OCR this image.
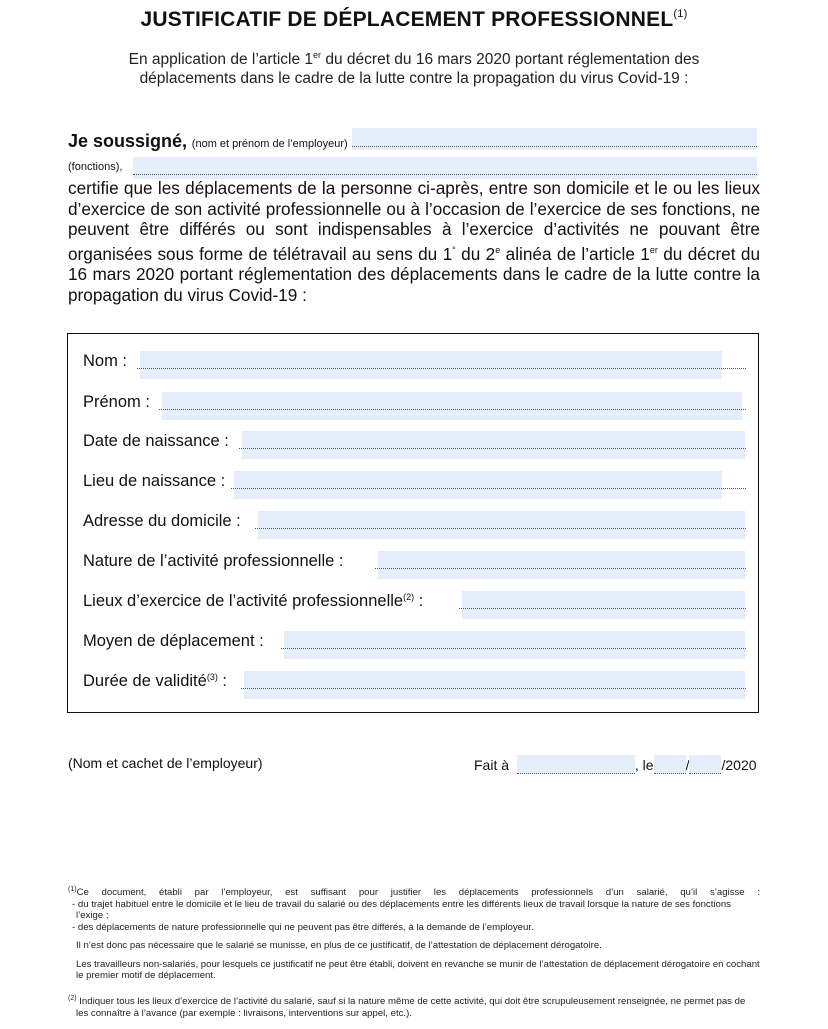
JUSTIFICATIF DE DÉPLACEMENT PROFESSIONNEL$^{(1)}$
En application de l’article 1er du décret du 16 mars 2020 portant réglementation des déplacements dans le cadre de la lutte contre la propagation du virus Covid-19 :
Je soussigné, (nom et prénom de l’employeur)
(fonctions),
certifie que les déplacements de la personne ci-après, entre son domicile et le ou les lieux d’exercice de son activité professionnelle ou à l’occasion de l’exercice de ses fonctions, ne peuvent être différés ou sont indispensables à l’exercice d’activités ne pouvant être organisées sous forme de télétravail au sens du 1° du 2e alinéa de l’article 1er du décret du 16 mars 2020 portant réglementation des déplacements dans le cadre de la lutte contre la propagation du virus Covid-19 :
Nom :
Prénom :
Date de naissance :
Lieu de naissance :
Adresse du domicile :
Nature de l’activité professionnelle :
Lieux d’exercice de l’activité professionnelle$^{(2)}$ :
Moyen de déplacement :
Durée de validité$^{(3)}$ :
(Nom et cachet de l’employeur)	Fait à	, le / /2020
$^{(1)}$Ce document, établi par l’employeur, est suffisant pour justifier les déplacements professionnels d’un salarié, qu’il s’agisse :
- du trajet habituel entre le domicile et le lieu de travail du salarié ou des déplacements entre les différents lieux de travail lorsque la nature de ses fonctions l’exige ;
- des déplacements de nature professionnelle qui ne peuvent pas être différés, à la demande de l’employeur.
Il n’est donc pas nécessaire que le salarié se munisse, en plus de ce justificatif, de l’attestation de déplacement dérogatoire.
Les travailleurs non-salariés, pour lesquels ce justificatif ne peut être établi, doivent en revanche se munir de l’attestation de déplacement dérogatoire en cochant le premier motif de déplacement.
$^{(2)}$ Indiquer tous les lieux d’exercice de l’activité du salarié, sauf si la nature même de cette activité, qui doit être scrupuleusement renseignée, ne permet pas de les connaître à l’avance (par exemple : livraisons, interventions sur appel, etc.).
